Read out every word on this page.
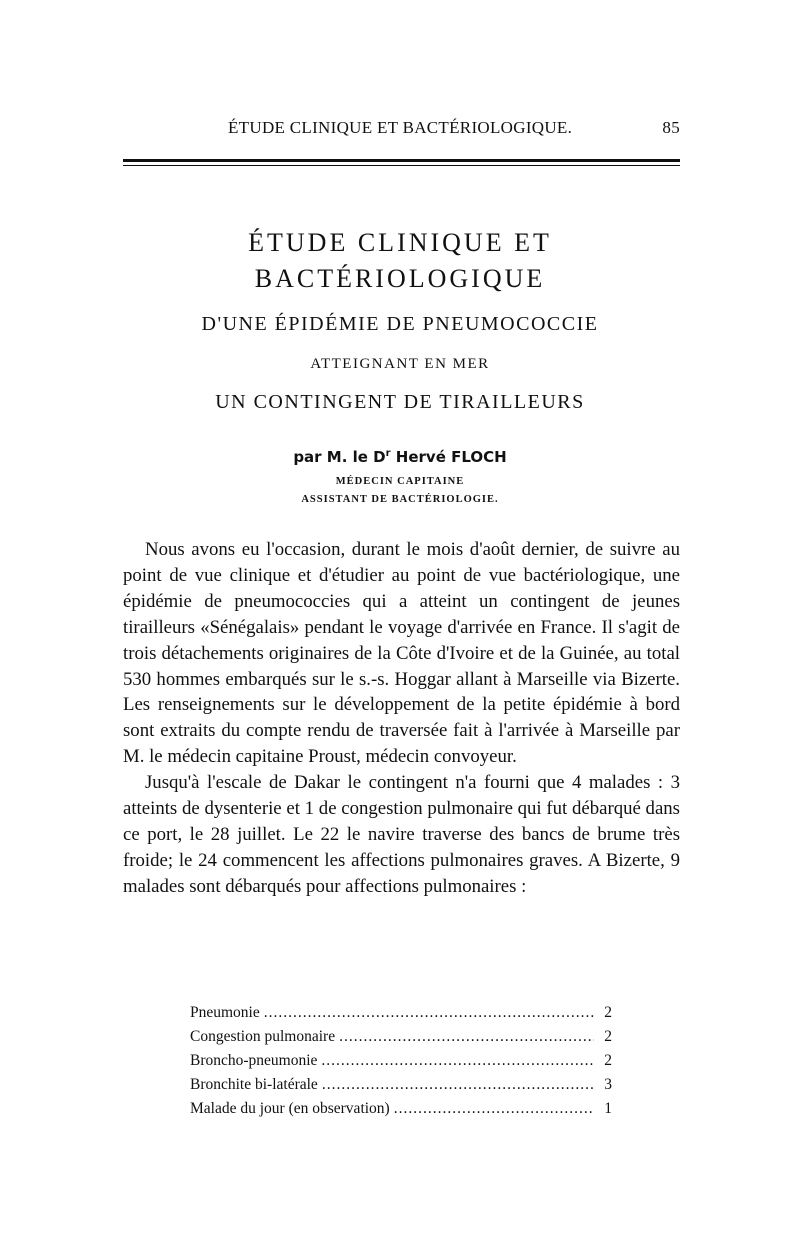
ÉTUDE CLINIQUE ET BACTÉRIOLOGIQUE.	85
ÉTUDE CLINIQUE ET BACTÉRIOLOGIQUE
D'UNE ÉPIDÉMIE DE PNEUMOCOCCIE
ATTEIGNANT EN MER
UN CONTINGENT DE TIRAILLEURS
par M. le $D^r$ Hervé FLOCH
MÉDECIN CAPITAINE
ASSISTANT DE BACTÉRIOLOGIE.

Nous avons eu l'occasion, durant le mois d'août dernier, de suivre au point de vue clinique et d'étudier au point de vue bactériologique, une épidémie de pneumococcies qui a atteint un contingent de jeunes tirailleurs «Sénégalais» pendant le voyage d'arrivée en France. Il s'agit de trois détachements originaires de la Côte d'Ivoire et de la Guinée, au total 530 hommes embarqués sur le s.-s. Hoggar allant à Marseille via Bizerte. Les renseignements sur le développement de la petite épidémie à bord sont extraits du compte rendu de traversée fait à l'arrivée à Marseille par M. le médecin capitaine Proust, médecin convoyeur.

Jusqu'à l'escale de Dakar le contingent n'a fourni que 4 malades : 3 atteints de dysenterie et 1 de congestion pulmonaire qui fut débarqué dans ce port, le 28 juillet. Le 22 le navire traverse des bancs de brume très froide; le 24 commencent les affections pulmonaires graves. A Bizerte, 9 malades sont débarqués pour affections pulmonaires :

Pneumonie .....	2
Congestion pulmonaire .....	2
Broncho-pneumonie .....	2
Bronchite bi-latérale .....	3
Malade du jour (en observation) .....	1
